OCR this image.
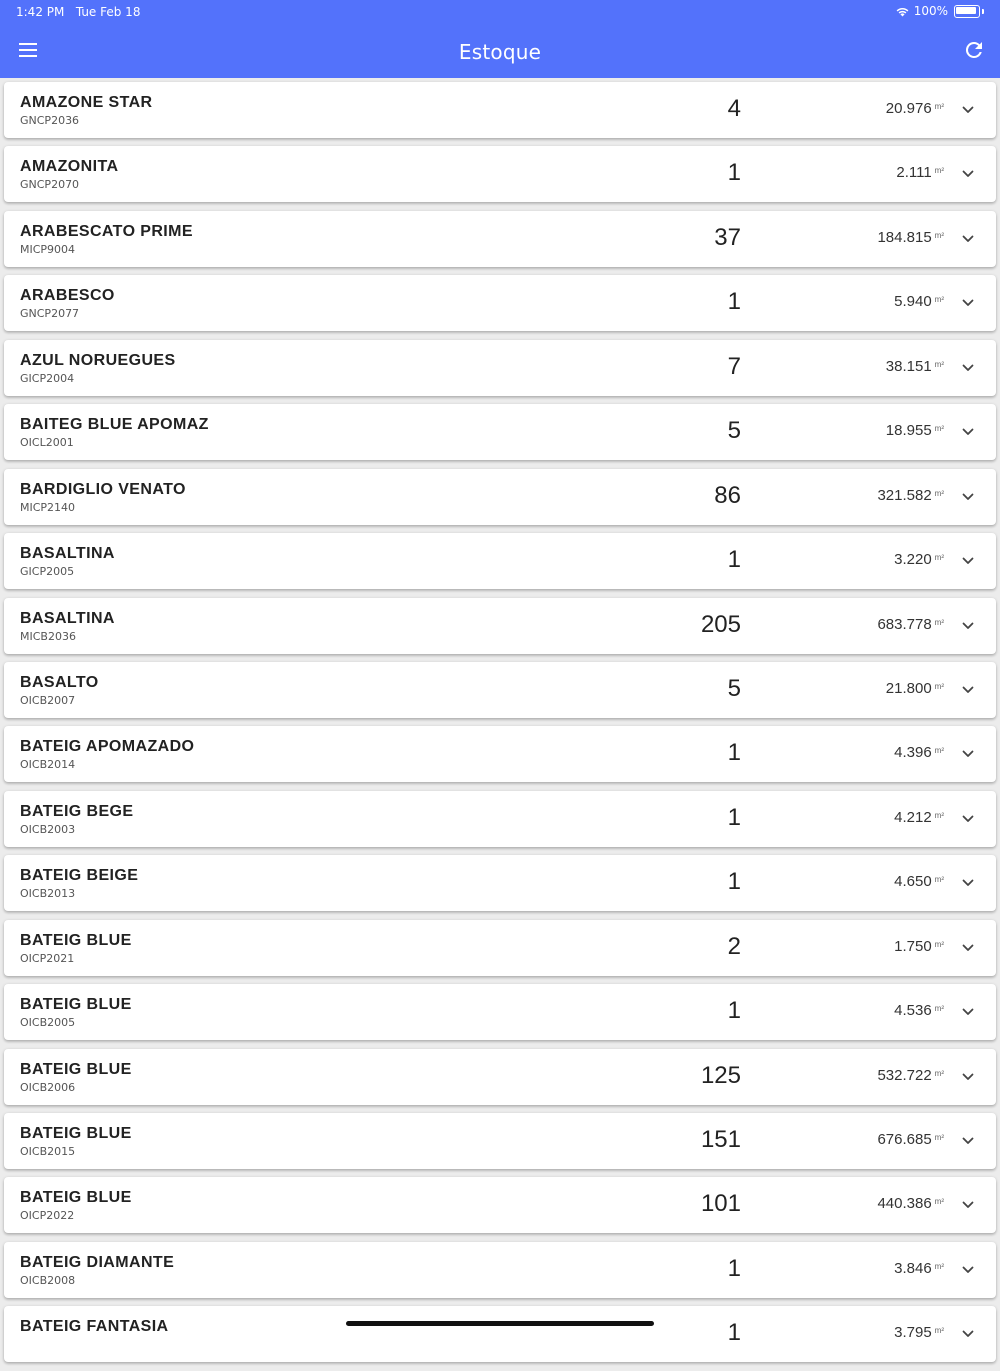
1:42 PM Tue Feb 18	100%
Estoque
AMAZONE STAR
GNCP2036	4	20.976 $^{m^2}$
AMAZONITA
GNCP2070	1	2.111 $^{m^2}$
ARABESCATO PRIME
MICP9004	37	184.815 $^{m^2}$
ARABESCO
GNCP2077	1	5.940 $^{m^2}$
AZUL NORUEGUES
GICP2004	7	38.151 $^{m^2}$
BAITEG BLUE APOMAZ
OICL2001	5	18.955 $^{m^2}$
BARDIGLIO VENATO
MICP2140	86	321.582 $^{m^2}$
BASALTINA
GICP2005	1	3.220 $^{m^2}$
BASALTINA
MICB2036	205	683.778 $^{m^2}$
BASALTO
OICB2007	5	21.800 $^{m^2}$
BATEIG APOMAZADO
OICB2014	1	4.396 $^{m^2}$
BATEIG BEGE
OICB2003	1	4.212 $^{m^2}$
BATEIG BEIGE
OICB2013	1	4.650 $^{m^2}$
BATEIG BLUE
OICP2021	2	1.750 $^{m^2}$
BATEIG BLUE
OICB2005	1	4.536 $^{m^2}$
BATEIG BLUE
OICB2006	125	532.722 $^{m^2}$
BATEIG BLUE
OICB2015	151	676.685 $^{m^2}$
BATEIG BLUE
OICP2022	101	440.386 $^{m^2}$
BATEIG DIAMANTE
OICB2008	1	3.846 $^{m^2}$
BATEIG FANTASIA	1	3.795 $^{m^2}$
